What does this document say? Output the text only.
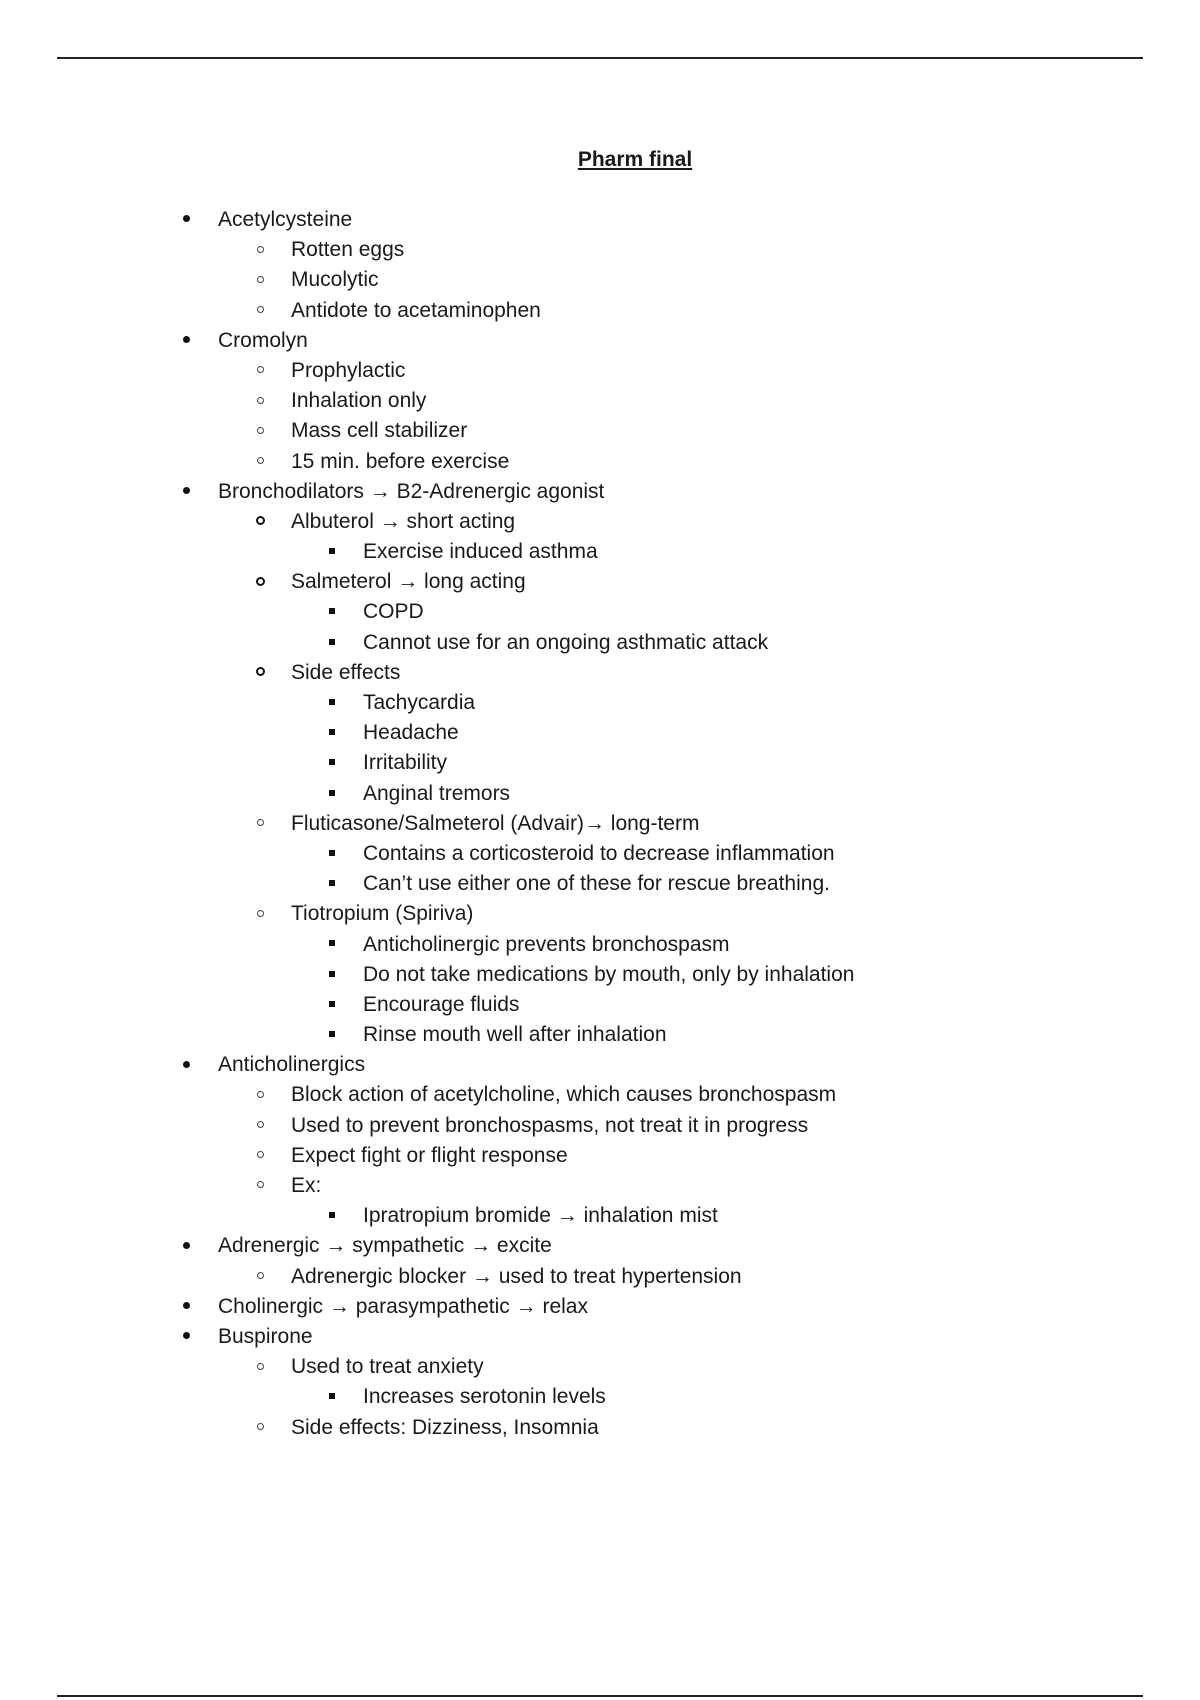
Pharm final
Acetylcysteine
Rotten eggs
Mucolytic
Antidote to acetaminophen
Cromolyn
Prophylactic
Inhalation only
Mass cell stabilizer
15 min. before exercise
Bronchodilators → B2-Adrenergic agonist
Albuterol → short acting
Exercise induced asthma
Salmeterol → long acting
COPD
Cannot use for an ongoing asthmatic attack
Side effects
Tachycardia
Headache
Irritability
Anginal tremors
Fluticasone/Salmeterol (Advair)→ long-term
Contains a corticosteroid to decrease inflammation
Can’t use either one of these for rescue breathing.
Tiotropium (Spiriva)
Anticholinergic prevents bronchospasm
Do not take medications by mouth, only by inhalation
Encourage fluids
Rinse mouth well after inhalation
Anticholinergics
Block action of acetylcholine, which causes bronchospasm
Used to prevent bronchospasms, not treat it in progress
Expect fight or flight response
Ex:
Ipratropium bromide → inhalation mist
Adrenergic → sympathetic → excite
Adrenergic blocker → used to treat hypertension
Cholinergic → parasympathetic → relax
Buspirone
Used to treat anxiety
Increases serotonin levels
Side effects: Dizziness, Insomnia
